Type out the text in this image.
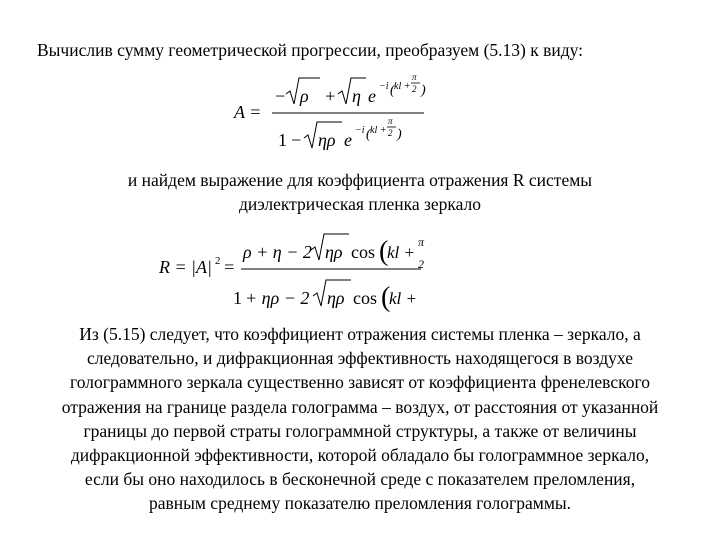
Вычислив сумму геометрической прогрессии, преобразуем (5.13) к виду:
A =
− ρ + η e −i ( kl +
π
2 )
1 − ηρ e −i ( kl +
π
2 )
и найдем выражение для коэффициента отражения R системы
диэлектрическая пленка зеркало
R = |A| 2 =
ρ + η − 2 ηρ cos (
kl +
π
2
1 + ηρ − 2 ηρ cos (
kl +
Из (5.15) следует, что коэффициент отражения системы пленка – зеркало, а
следовательно, и дифракционная эффективность находящегося в воздухе
голограммного зеркала существенно зависят от коэффициента френелевского
отражения на границе раздела голограмма – воздух, от расстояния от указанной
границы до первой страты голограммной структуры, а также от величины
дифракционной эффективности, которой обладало бы голограммное зеркало,
если бы оно находилось в бесконечной среде с показателем преломления,
равным среднему показателю преломления голограммы.
